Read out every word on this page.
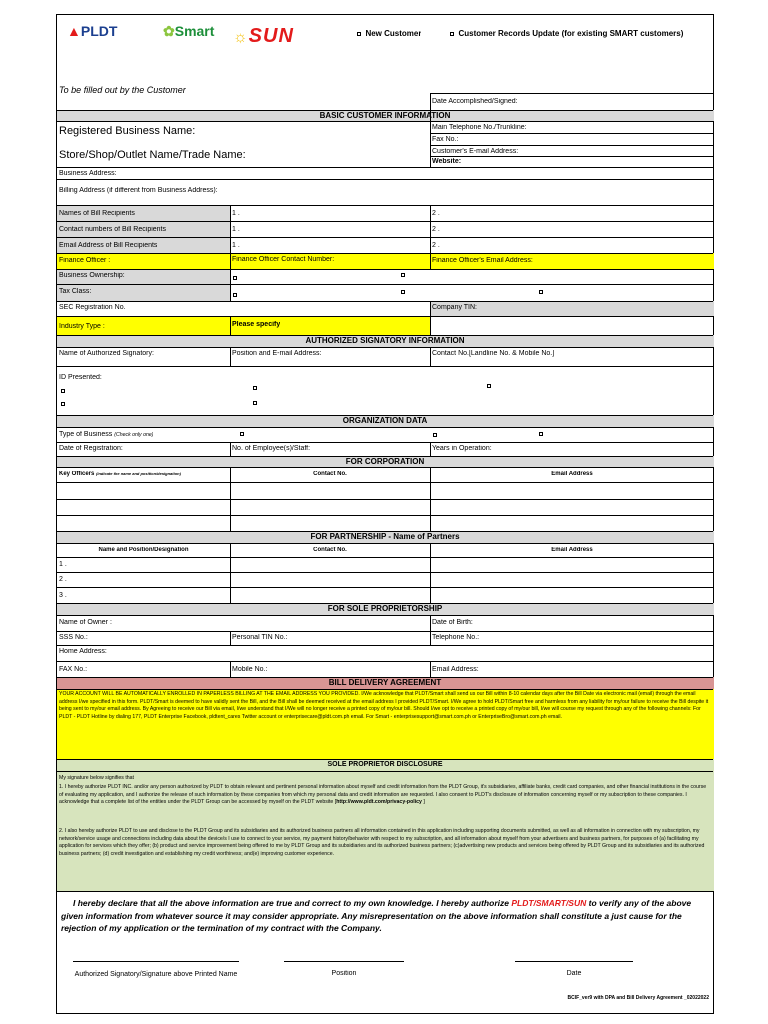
▲PLDT	✿Smart ☼SUN	New Customer	Customer Records Update (for existing SMART customers)
To be filled out by the Customer
Date Accomplished/Signed:
BASIC CUSTOMER INFORMATION
Registered Business Name:
Store/Shop/Outlet Name/Trade Name:
Main Telephone No./Trunkline:
Fax No.:
Customer's E-mail Address:
Website:
Business Address:
Billing Address (if different from Business Address):
Names of Bill Recipients	1 .	2 .
Contact numbers of Bill Recipients	1 .	2 .
Email Address of Bill Recipients	1 .	2 .
Finance Officer :	Finance Officer Contact Number:	Finance Officer's Email Address:
Business Ownership:
Tax Class:
SEC Registration No.	Company TIN:
Industry Type :	Please specify
AUTHORIZED SIGNATORY INFORMATION
Name of Authorized Signatory:	Position and E-mail Address:	Contact No.[Landline No. & Mobile No.]
ID Presented:
ORGANIZATION DATA
Type of Business (Check only one)
Date of Registration:	No. of Employee(s)/Staff:	Years in Operation:
FOR CORPORATION
Key Officers (indicate the name and position/designation)	Contact No.	Email Address
FOR PARTNERSHIP - Name of Partners
Name and Position/Designation	Contact No.	Email Address
1 .
2 .
3 .
FOR SOLE PROPRIETORSHIP
Name of Owner :	Date of Birth:
SSS No.:	Personal TIN No.:	Telephone No.:
Home Address:
FAX No.:	Mobile No.:	Email Address:
BILL DELIVERY AGREEMENT
YOUR ACCOUNT WILL BE AUTOMATICALLY ENROLLED IN PAPERLESS BILLING AT THE EMAIL ADDRESS YOU PROVIDED. I/We acknowledge that PLDT/Smart shall send us our Bill within 8-10 calendar days after the Bill Date via electronic mail (email) through the email address I/we specified in this form. PLDT/Smart is deemed to have validly sent the Bill, and the Bill shall be deemed received at the email address I provided PLDT/Smart. I/We agree to hold PLDT/Smart free and harmless from any liability for my/our failure to receive the Bill despite it being sent to my/our email address. By Agreeing to receive our Bill via email, I/we understand that I/We will no longer receive a printed copy of my/our bill. Should I/we opt to receive a printed copy of my/our bill, I/we will course my request through any of the following channels: For PLDT - PLDT Hotline by dialing 177, PLDT Enterprise Facebook, pldtent_cares Twitter account or enterprisecare@pldt.com.ph email. For Smart - enterprisesupport@smart.com.ph or EnterpriseBro@smart.com.ph email.
SOLE PROPRIETOR DISCLOSURE
My signature below signifies that
1. I hereby authorize PLDT INC. and/or any person authorized by PLDT to obtain relevant and pertinent personal information about myself and credit information from the PLDT Group, it's subsidiaries, affiliate banks, credit card companies, and other financial institutions in the course of evaluating my application, and I authorize the release of such information by these companies from which my personal data and credit information are requested. I also consent to PLDT's disclosure of information concerning myself or my subscription to these companies. I acknowledge that a complete list of the entities under the PLDT Group can be accessed by myself on the PLDT website [http://www.pldt.com/privacy-policy ]
2. I also hereby authorize PLDT to use and disclose to the PLDT Group and its subsidiaries and its authorized business partners all information contained in this application including supporting documents submitted, as well as all information in connection with my subscription, my network/service usage and connections including data about the device/s I use to connect to your service, my payment history/behavior with respect to my subscription, and all information about myself from your advertisers and business partners, for purposes of (a) facilitating my application for services which they offer; (b) product and service improvement being offered to me by PLDT Group and its subsidiaries and its authorized business partners; (c)advertising new products and services being offered by PLDT Group and its subsidiaries and its authorized business partners; (d) credit investigation and establishing my credit worthiness; and(e) improving customer experience.
I hereby declare that all the above information are true and correct to my own knowledge. I hereby authorize PLDT/SMART/SUN to verify any of the above given information from whatever source it may consider appropriate. Any misrepresentation on the above information shall constitute a just cause for the rejection of my application or the termination of my contract with the Company.
Authorized Signatory/Signature above Printed Name	Position	Date
BCIF_ver9 with DPA and Bill Delivery Agreement _02022022
